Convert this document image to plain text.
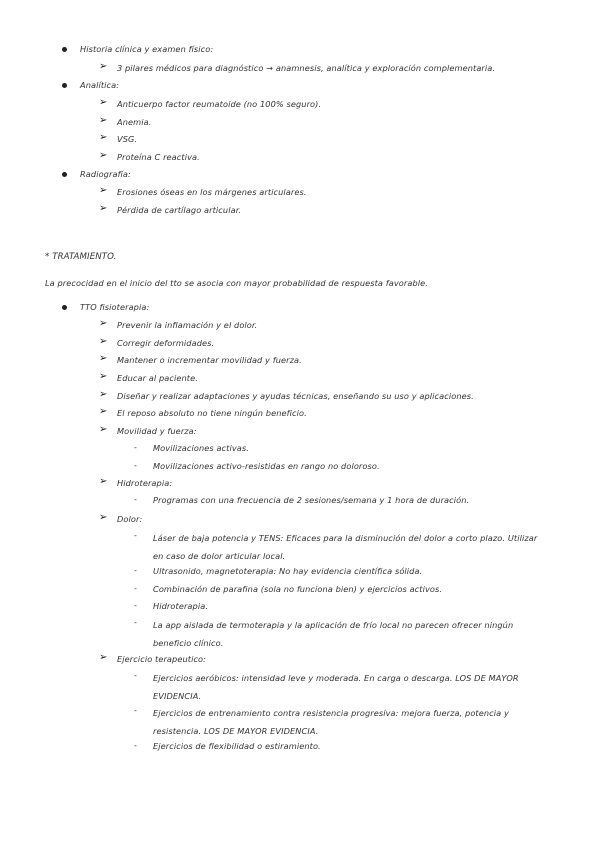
Historia clínica y examen físico:
➢ 3 pilares médicos para diagnóstico → anamnesis, analítica y exploración complementaria.
Analítica:
➢ Anticuerpo factor reumatoide (no 100% seguro).
➢ Anemia.
➢ VSG.
➢ Proteína C reactiva.
Radiografía:
➢ Erosiones óseas en los márgenes articulares.
➢ Pérdida de cartílago articular.
* TRATAMIENTO.
La precocidad en el inicio del tto se asocia con mayor probabilidad de respuesta favorable.
TTO fisioterapia:
➢ Prevenir la inflamación y el dolor.
➢ Corregir deformidades.
➢ Mantener o incrementar movilidad y fuerza.
➢ Educar al paciente.
➢ Diseñar y realizar adaptaciones y ayudas técnicas, enseñando su uso y aplicaciones.
➢ El reposo absoluto no tiene ningún beneficio.
➢ Movilidad y fuerza:
- Movilizaciones activas.
- Movilizaciones activo-resistidas en rango no doloroso.
➢ Hidroterapia:
- Programas con una frecuencia de 2 sesiones/semana y 1 hora de duración.
➢ Dolor:
- Láser de baja potencia y TENS: Eficaces para la disminución del dolor a corto plazo. Utilizar en caso de dolor articular local.
- Ultrasonido, magnetoterapia: No hay evidencia científica sólida.
- Combinación de parafina (sola no funciona bien) y ejercicios activos.
- Hidroterapia.
- La app aislada de termoterapia y la aplicación de frío local no parecen ofrecer ningún beneficio clínico.
➢ Ejercicio terapeutico:
- Ejercicios aeróbicos: intensidad leve y moderada. En carga o descarga. LOS DE MAYOR EVIDENCIA.
- Ejercicios de entrenamiento contra resistencia progresiva: mejora fuerza, potencia y resistencia. LOS DE MAYOR EVIDENCIA.
- Ejercicios de flexibilidad o estiramiento.
